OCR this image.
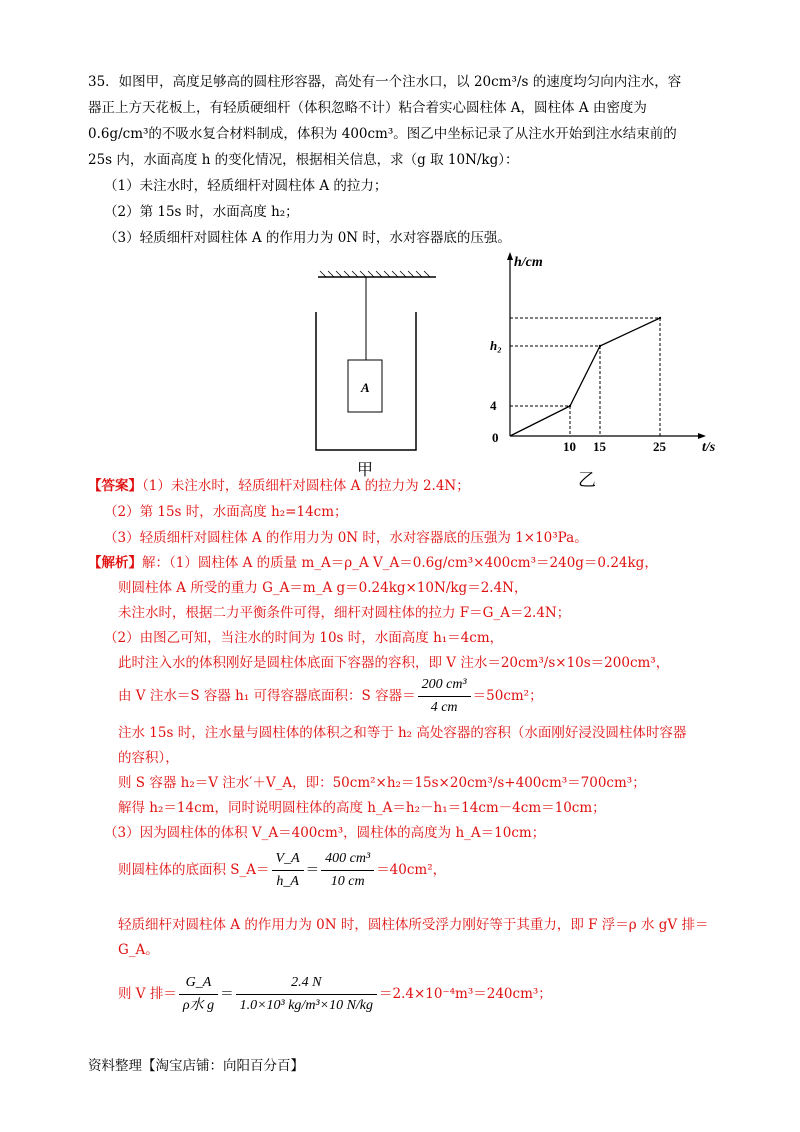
35．如图甲，高度足够高的圆柱形容器，高处有一个注水口，以 20cm³/s 的速度均匀向内注水，容
器正上方天花板上，有轻质硬细杆（体积忽略不计）粘合着实心圆柱体 A，圆柱体 A 由密度为
0.6g/cm³的不吸水复合材料制成，体积为 400cm³。图乙中坐标记录了从注水开始到注水结束前的
25s 内，水面高度 h 的变化情况，根据相关信息，求（g 取 10N/kg）：
（1）未注水时，轻质细杆对圆柱体 A 的拉力；
（2）第 15s 时，水面高度 h₂；
（3）轻质细杆对圆柱体 A 的作用力为 0N 时，水对容器底的压强。
A
甲
h/cm
t/s
0
10 15	25
4
h₂
乙
【答案】（1）未注水时，轻质细杆对圆柱体 A 的拉力为 2.4N；
（2）第 15s 时，水面高度 h₂=14cm；
（3）轻质细杆对圆柱体 A 的作用力为 0N 时，水对容器底的压强为 1×10³Pa。
【解析】解：（1）圆柱体 A 的质量 m_A＝ρ_A V_A＝0.6g/cm³×400cm³＝240g＝0.24kg，
则圆柱体 A 所受的重力 G_A＝m_A g＝0.24kg×10N/kg＝2.4N，
未注水时，根据二力平衡条件可得，细杆对圆柱体的拉力 F＝G_A＝2.4N；
（2）由图乙可知，当注水的时间为 10s 时，水面高度 h₁＝4cm，
此时注入水的体积刚好是圆柱体底面下容器的容积，即 V 注水＝20cm³/s×10s＝200cm³，
由 V 注水＝S 容器 h₁ 可得容器底面积：S 容器＝ $\frac{\text{200 cm³}}{4 cm} =50cm^2$；
注水 15s 时，注水量与圆柱体的体积之和等于 h₂ 高处容器的容积（水面刚好浸没圆柱体时容器
的容积），
则 S 容器 h₂＝V 注水′＋V_A，即：50cm²×h₂＝15s×20cm³/s+400cm³＝700cm³；
解得 h₂＝14cm，同时说明圆柱体的高度 h_A＝h₂－h₁＝14cm－4cm＝10cm；
（3）因为圆柱体的体积 V_A＝400cm³，圆柱体的高度为 h_A＝10cm；
则圆柱体的底面积 S_A＝ $\frac{V\_A}{h\_A} = \frac{\text{400 cm³}}{10 cm} =40cm^2$，
轻质细杆对圆柱体 A 的作用力为 0N 时，圆柱体所受浮力刚好等于其重力，即 F 浮＝ρ 水 gV 排＝
G_A。
则 V 排＝ $\frac{G\_A}{\text{ρ水 g}} = \frac{2.4 N}{\text{1.0×10³ kg/m³×10 N/kg}} =2.4\times 10^{-4}m^3=240cm^3$；
资料整理【淘宝店铺：向阳百分百】
